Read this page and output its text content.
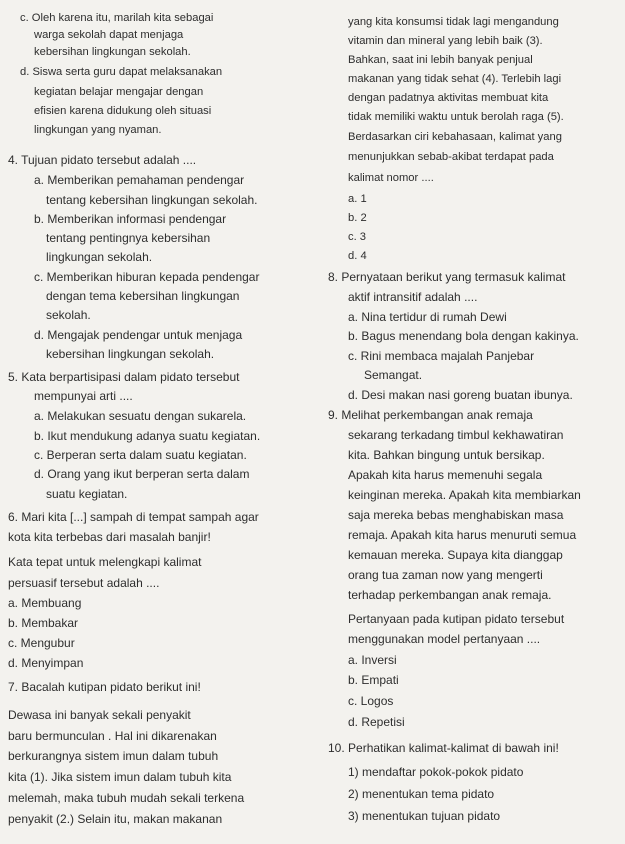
c. Oleh karena itu, marilah kita sebagai
warga sekolah dapat menjaga
kebersihan lingkungan sekolah.
d. Siswa serta guru dapat melaksanakan
kegiatan belajar mengajar dengan
efisien karena didukung oleh situasi
lingkungan yang nyaman.
4. Tujuan pidato tersebut adalah ....
a. Memberikan pemahaman pendengar
tentang kebersihan lingkungan sekolah.
b. Memberikan informasi pendengar
tentang pentingnya kebersihan
lingkungan sekolah.
c. Memberikan hiburan kepada pendengar
dengan tema kebersihan lingkungan
sekolah.
d. Mengajak pendengar untuk menjaga
kebersihan lingkungan sekolah.
5. Kata berpartisipasi dalam pidato tersebut
mempunyai arti ....
a. Melakukan sesuatu dengan sukarela.
b. Ikut mendukung adanya suatu kegiatan.
c. Berperan serta dalam suatu kegiatan.
d. Orang yang ikut berperan serta dalam
suatu kegiatan.
6. Mari kita [...] sampah di tempat sampah agar
kota kita terbebas dari masalah banjir!
Kata tepat untuk melengkapi kalimat
persuasif tersebut adalah ....
a. Membuang
b. Membakar
c. Mengubur
d. Menyimpan
7. Bacalah kutipan pidato berikut ini!
Dewasa ini banyak sekali penyakit
baru bermunculan . Hal ini dikarenakan
berkurangnya sistem imun dalam tubuh
kita (1). Jika sistem imun dalam tubuh kita
melemah, maka tubuh mudah sekali terkena
penyakit (2.) Selain itu, makan makanan
yang kita konsumsi tidak lagi mengandung
vitamin dan mineral yang lebih baik (3).
Bahkan, saat ini lebih banyak penjual
makanan yang tidak sehat (4). Terlebih lagi
dengan padatnya aktivitas membuat kita
tidak memiliki waktu untuk berolah raga (5).
Berdasarkan ciri kebahasaan, kalimat yang
menunjukkan sebab-akibat terdapat pada
kalimat nomor ....
a. 1
b. 2
c. 3
d. 4
8. Pernyataan berikut yang termasuk kalimat
aktif intransitif adalah ....
a. Nina tertidur di rumah Dewi
b. Bagus menendang bola dengan kakinya.
c. Rini membaca majalah Panjebar
Semangat.
d. Desi makan nasi goreng buatan ibunya.
9. Melihat perkembangan anak remaja
sekarang terkadang timbul kekhawatiran
kita. Bahkan bingung untuk bersikap.
Apakah kita harus memenuhi segala
keinginan mereka. Apakah kita membiarkan
saja mereka bebas menghabiskan masa
remaja. Apakah kita harus menuruti semua
kemauan mereka. Supaya kita dianggap
orang tua zaman now yang mengerti
terhadap perkembangan anak remaja.
Pertanyaan pada kutipan pidato tersebut
menggunakan model pertanyaan ....
a. Inversi
b. Empati
c. Logos
d. Repetisi
10. Perhatikan kalimat-kalimat di bawah ini!
1) mendaftar pokok-pokok pidato
2) menentukan tema pidato
3) menentukan tujuan pidato
